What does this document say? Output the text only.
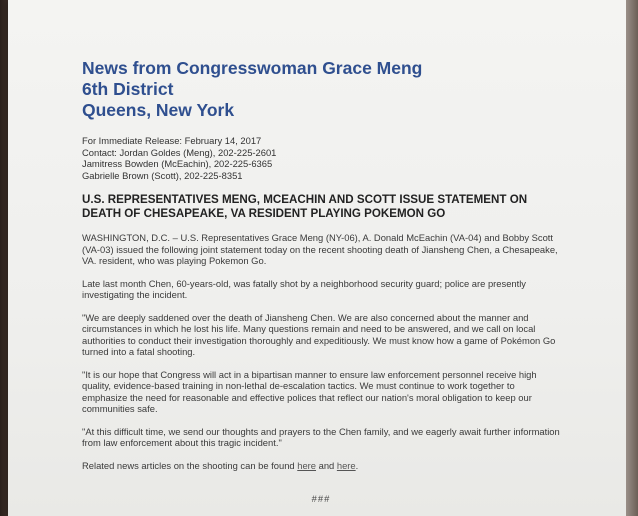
News from Congresswoman Grace Meng
6th District
Queens, New York
For Immediate Release: February 14, 2017
Contact: Jordan Goldes (Meng), 202-225-2601
Jamitress Bowden (McEachin), 202-225-6365
Gabrielle Brown (Scott), 202-225-8351
U.S. REPRESENTATIVES MENG, MCEACHIN AND SCOTT ISSUE STATEMENT ON DEATH OF CHESAPEAKE, VA RESIDENT PLAYING POKEMON GO

WASHINGTON, D.C. – U.S. Representatives Grace Meng (NY-06), A. Donald McEachin (VA-04) and Bobby Scott (VA-03) issued the following joint statement today on the recent shooting death of Jiansheng Chen, a Chesapeake, VA. resident, who was playing Pokemon Go.

Late last month Chen, 60-years-old, was fatally shot by a neighborhood security guard; police are presently investigating the incident.

"We are deeply saddened over the death of Jiansheng Chen. We are also concerned about the manner and circumstances in which he lost his life. Many questions remain and need to be answered, and we call on local authorities to conduct their investigation thoroughly and expeditiously. We must know how a game of Pokémon Go turned into a fatal shooting.

"It is our hope that Congress will act in a bipartisan manner to ensure law enforcement personnel receive high quality, evidence-based training in non-lethal de-escalation tactics. We must continue to work together to emphasize the need for reasonable and effective polices that reflect our nation's moral obligation to keep our communities safe.

"At this difficult time, we send our thoughts and prayers to the Chen family, and we eagerly await further information from law enforcement about this tragic incident."

Related news articles on the shooting can be found here and here.

###
